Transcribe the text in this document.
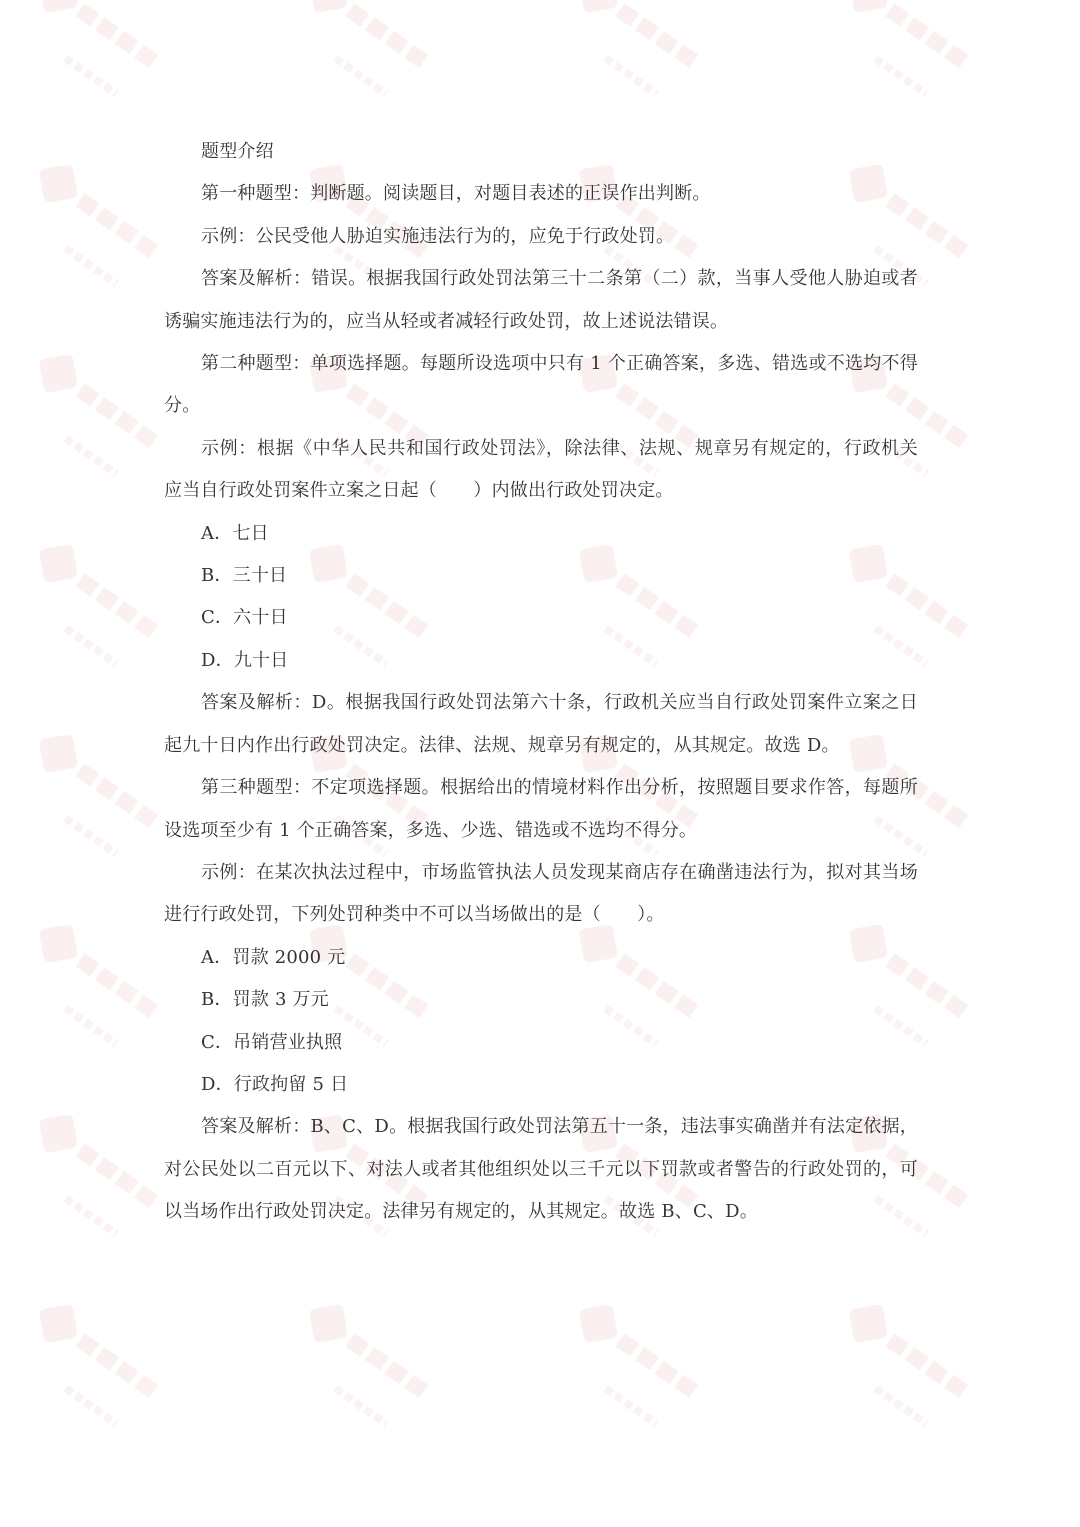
题型介绍

第一种题型：判断题。阅读题目，对题目表述的正误作出判断。

示例：公民受他人胁迫实施违法行为的，应免于行政处罚。

答案及解析：错误。根据我国行政处罚法第三十二条第（二）款，当事人受他人胁迫或者诱骗实施违法行为的，应当从轻或者减轻行政处罚，故上述说法错误。

第二种题型：单项选择题。每题所设选项中只有 1 个正确答案，多选、错选或不选均不得分。

示例：根据《中华人民共和国行政处罚法》，除法律、法规、规章另有规定的，行政机关应当自行政处罚案件立案之日起（　　）内做出行政处罚决定。

A．七日

B．三十日

C．六十日

D．九十日

答案及解析：D。根据我国行政处罚法第六十条，行政机关应当自行政处罚案件立案之日起九十日内作出行政处罚决定。法律、法规、规章另有规定的，从其规定。故选 D。

第三种题型：不定项选择题。根据给出的情境材料作出分析，按照题目要求作答，每题所设选项至少有 1 个正确答案，多选、少选、错选或不选均不得分。

示例：在某次执法过程中，市场监管执法人员发现某商店存在确凿违法行为，拟对其当场进行行政处罚，下列处罚种类中不可以当场做出的是（　　）。

A．罚款 2000 元

B．罚款 3 万元

C．吊销营业执照

D．行政拘留 5 日

答案及解析：B、C、D。根据我国行政处罚法第五十一条，违法事实确凿并有法定依据，对公民处以二百元以下、对法人或者其他组织处以三千元以下罚款或者警告的行政处罚的，可以当场作出行政处罚决定。法律另有规定的，从其规定。故选 B、C、D。
